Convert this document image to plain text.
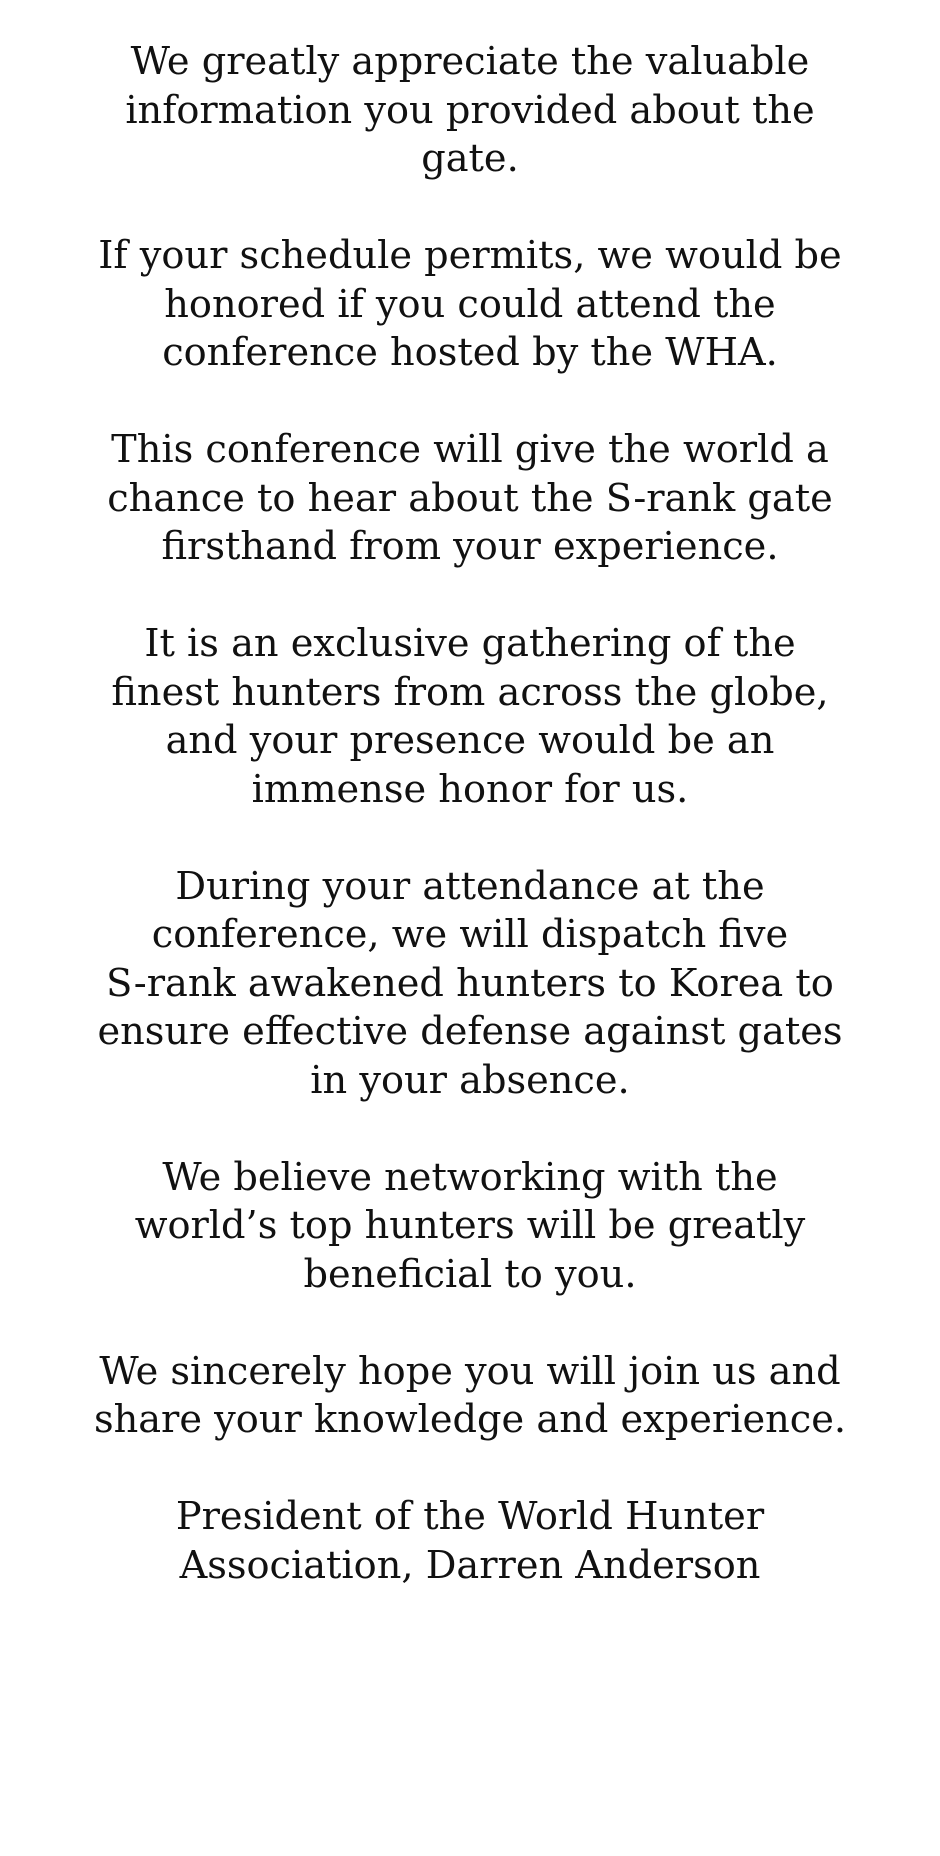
We greatly appreciate the valuable
information you provided about the
gate.

If your schedule permits, we would be
honored if you could attend the
conference hosted by the WHA.

This conference will give the world a
chance to hear about the S-rank gate
firsthand from your experience.

It is an exclusive gathering of the
finest hunters from across the globe,
and your presence would be an
immense honor for us.

During your attendance at the
conference, we will dispatch five
S-rank awakened hunters to Korea to
ensure effective defense against gates
in your absence.

We believe networking with the
world’s top hunters will be greatly
beneficial to you.

We sincerely hope you will join us and
share your knowledge and experience.

President of the World Hunter
Association, Darren Anderson
